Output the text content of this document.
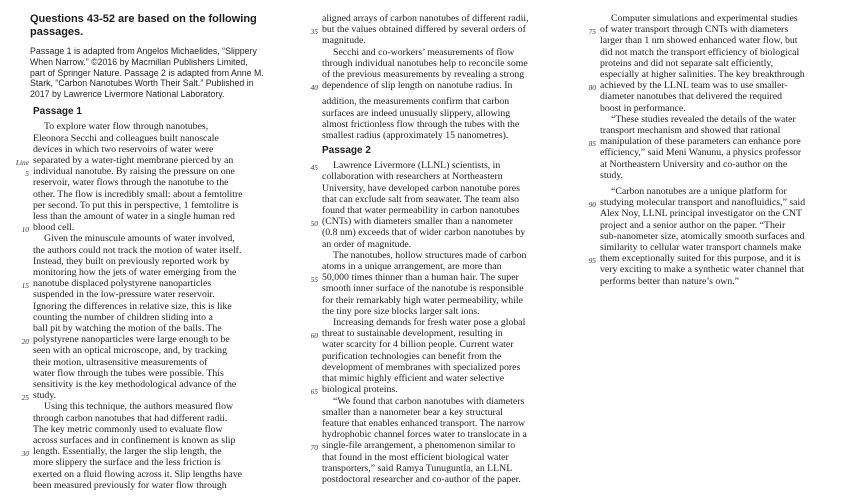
Questions 43-52 are based on the following
passages.
Passage 1 is adapted from Angelos Michaelides, “Slippery
When Narrow.” ©2016 by Macmillan Publishers Limited,
part of Springer Nature. Passage 2 is adapted from Anne M.
Stark, “Carbon Nanotubes Worth Their Salt.” Published in
2017 by Lawrence Livermore National Laboratory.
Passage 1
To explore water flow through nanotubes,
Eleonora Secchi and colleagues built nanoscale
devices in which two reservoirs of water were
Line separated by a water-tight membrane pierced by an
5 individual nanotube. By raising the pressure on one
reservoir, water flows through the nanotube to the
other. The flow is incredibly small: about a femtolitre
per second. To put this in perspective, 1 femtolitre is
less than the amount of water in a single human red
10 blood cell.
Given the minuscule amounts of water involved,
the authors could not track the motion of water itself.
Instead, they built on previously reported work by
monitoring how the jets of water emerging from the
15 nanotube displaced polystyrene nanoparticles
suspended in the low-pressure water reservoir.
Ignoring the differences in relative size, this is like
counting the number of children sliding into a
ball pit by watching the motion of the balls. The
20 polystyrene nanoparticles were large enough to be
seen with an optical microscope, and, by tracking
their motion, ultrasensitive measurements of
water flow through the tubes were possible. This
sensitivity is the key methodological advance of the
25 study.
Using this technique, the authors measured flow
through carbon nanotubes that had different radii.
The key metric commonly used to evaluate flow
across surfaces and in confinement is known as slip
30 length. Essentially, the larger the slip length, the
more slippery the surface and the less friction is
exerted on a fluid flowing across it. Slip lengths have
been measured previously for water flow through
aligned arrays of carbon nanotubes of different radii,
35 but the values obtained differed by several orders of
magnitude.
Secchi and co-workers’ measurements of flow
through individual nanotubes help to reconcile some
of the previous measurements by revealing a strong
40 dependence of slip length on nanotube radius. In
addition, the measurements confirm that carbon
surfaces are indeed unusually slippery, allowing
almost frictionless flow through the tubes with the
smallest radius (approximately 15 nanometres).
Passage 2
45 Lawrence Livermore (LLNL) scientists, in
collaboration with researchers at Northeastern
University, have developed carbon nanotube pores
that can exclude salt from seawater. The team also
found that water permeability in carbon nanotubes
50 (CNTs) with diameters smaller than a nanometer
(0.8 nm) exceeds that of wider carbon nanotubes by
an order of magnitude.
The nanotubes, hollow structures made of carbon
atoms in a unique arrangement, are more than
55 50,000 times thinner than a human hair. The super
smooth inner surface of the nanotube is responsible
for their remarkably high water permeability, while
the tiny pore size blocks larger salt ions.
Increasing demands for fresh water pose a global
60 threat to sustainable development, resulting in
water scarcity for 4 billion people. Current water
purification technologies can benefit from the
development of membranes with specialized pores
that mimic highly efficient and water selective
65 biological proteins.
“We found that carbon nanotubes with diameters
smaller than a nanometer bear a key structural
feature that enables enhanced transport. The narrow
hydrophobic channel forces water to translocate in a
70 single-file arrangement, a phenomenon similar to
that found in the most efficient biological water
transporters,” said Ramya Tunuguntla, an LLNL
postdoctoral researcher and co-author of the paper.
Computer simulations and experimental studies
75 of water transport through CNTs with diameters
larger than 1 nm showed enhanced water flow, but
did not match the transport efficiency of biological
proteins and did not separate salt efficiently,
especially at higher salinities. The key breakthrough
80 achieved by the LLNL team was to use smaller-
diameter nanotubes that delivered the required
boost in performance.
“These studies revealed the details of the water
transport mechanism and showed that rational
85 manipulation of these parameters can enhance pore
efficiency,” said Meni Wanunu, a physics professor
at Northeastern University and co-author on the
study.
“Carbon nanotubes are a unique platform for
90 studying molecular transport and nanofluidics,” said
Alex Noy, LLNL principal investigator on the CNT
project and a senior author on the paper. “Their
sub-nanometer size, atomically smooth surfaces and
similarity to cellular water transport channels make
95 them exceptionally suited for this purpose, and it is
very exciting to make a synthetic water channel that
performs better than nature’s own.”
